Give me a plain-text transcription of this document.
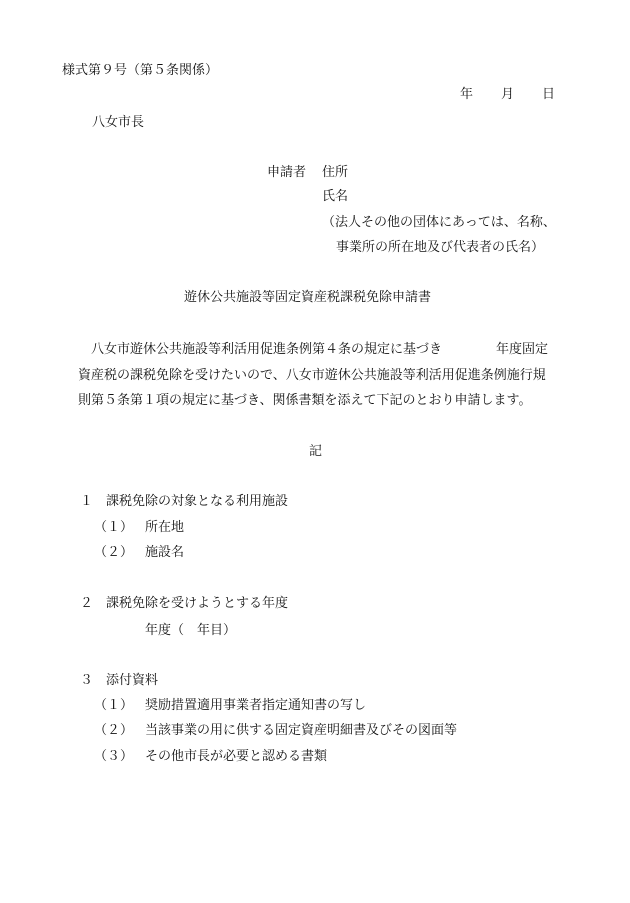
様式第９号（第５条関係）
年 月 日
八女市長
申請者 住所
氏名
（法人その他の団体にあっては、名称、
事業所の所在地及び代表者の氏名）
遊休公共施設等固定資産税課税免除申請書
八女市遊休公共施設等利活用促進条例第４条の規定に基づき	年度固定
資産税の課税免除を受けたいので、八女市遊休公共施設等利活用促進条例施行規
則第５条第１項の規定に基づき、関係書類を添えて下記のとおり申請します。
記
１ 課税免除の対象となる利用施設
（１） 所在地
（２） 施設名
２ 課税免除を受けようとする年度
年度（　年目）
３ 添付資料
（１） 奨励措置適用事業者指定通知書の写し
（２） 当該事業の用に供する固定資産明細書及びその図面等
（３） その他市長が必要と認める書類
